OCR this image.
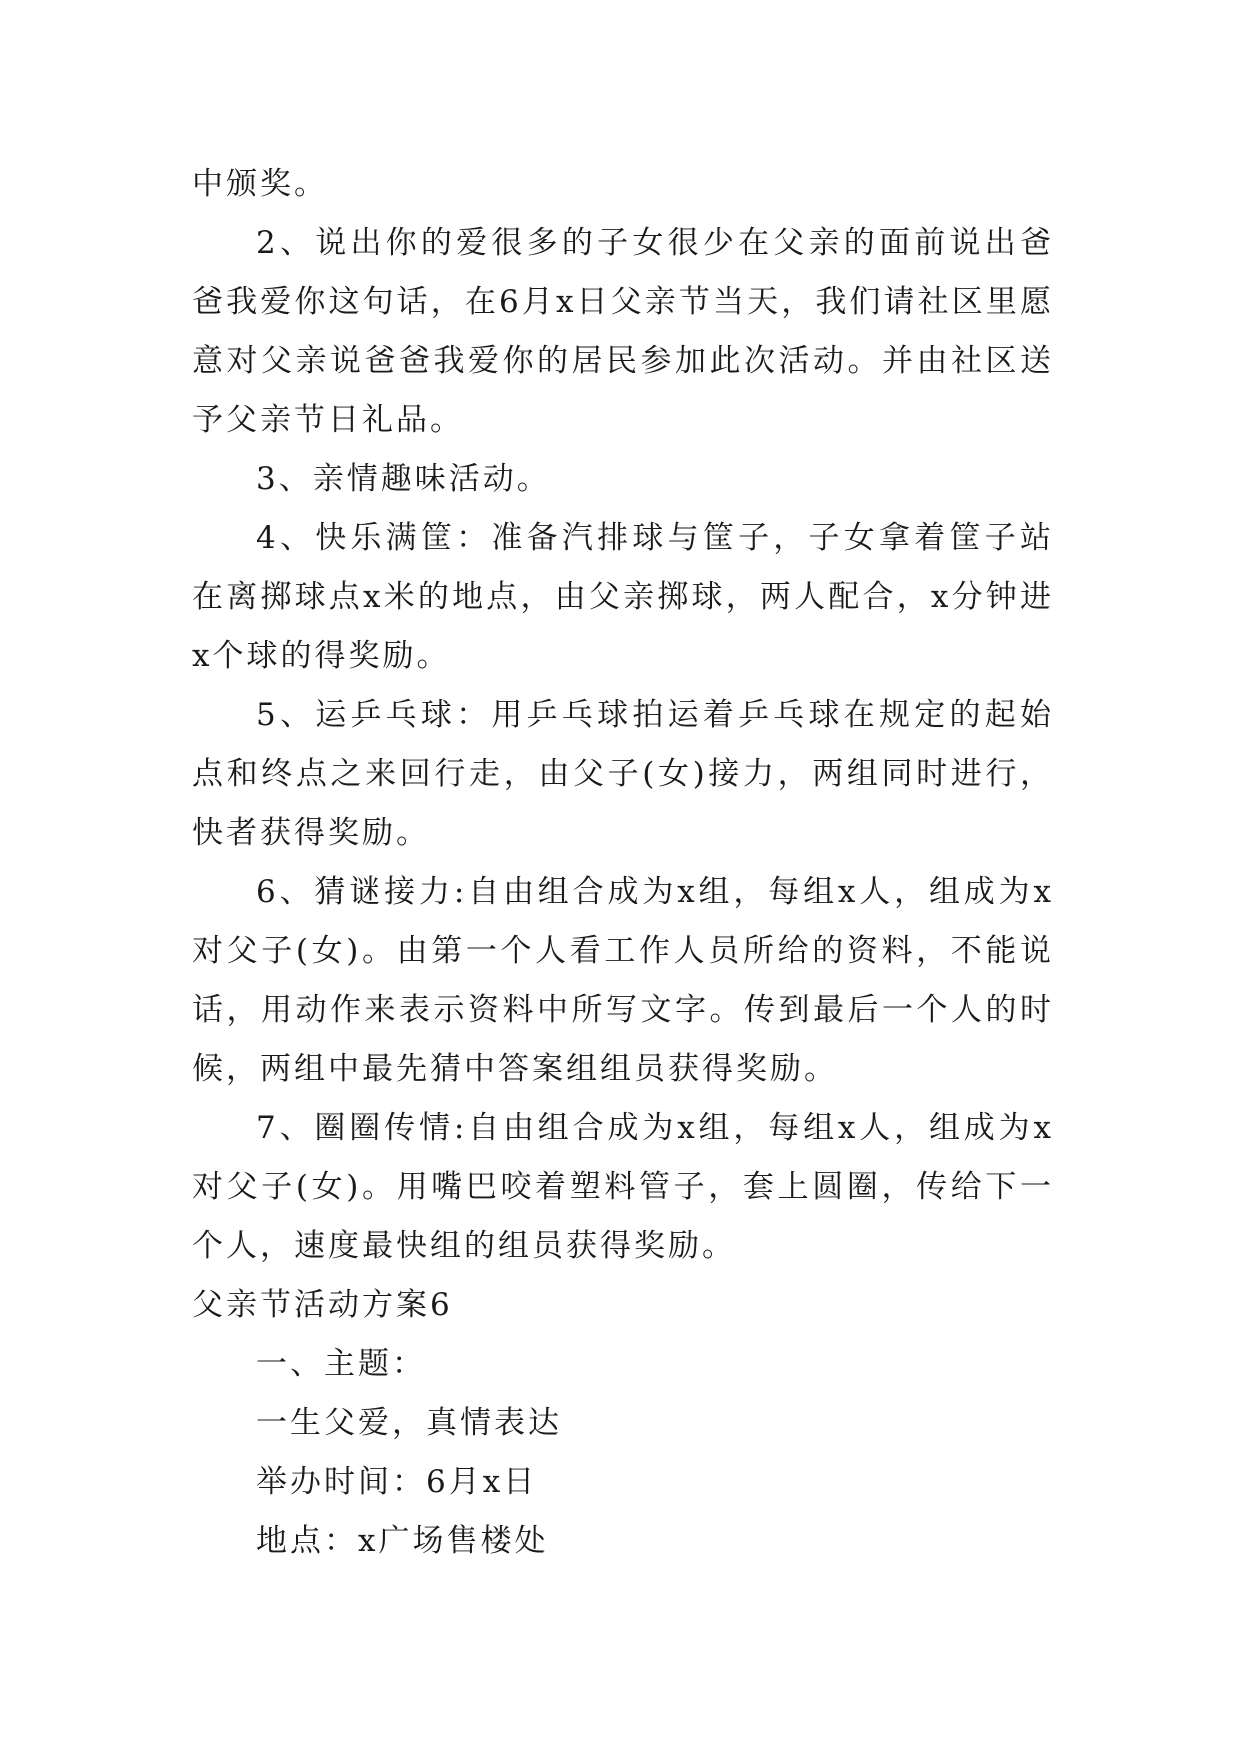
中颁奖。

2、说出你的爱很多的子女很少在父亲的面前说出爸爸我爱你这句话，在6月x日父亲节当天，我们请社区里愿意对父亲说爸爸我爱你的居民参加此次活动。并由社区送予父亲节日礼品。

3、亲情趣味活动。

4、快乐满筐：准备汽排球与筐子，子女拿着筐子站在离掷球点x米的地点，由父亲掷球，两人配合，x分钟进x个球的得奖励。

5、运乒乓球：用乒乓球拍运着乒乓球在规定的起始点和终点之来回行走，由父子(女)接力，两组同时进行，快者获得奖励。

6、猜谜接力:自由组合成为x组，每组x人，组成为x对父子(女)。由第一个人看工作人员所给的资料，不能说话，用动作来表示资料中所写文字。传到最后一个人的时候，两组中最先猜中答案组组员获得奖励。

7、圈圈传情:自由组合成为x组，每组x人，组成为x对父子(女)。用嘴巴咬着塑料管子，套上圆圈，传给下一个人，速度最快组的组员获得奖励。

父亲节活动方案6

一、主题：

一生父爱，真情表达

举办时间：6月x日

地点：x广场售楼处
